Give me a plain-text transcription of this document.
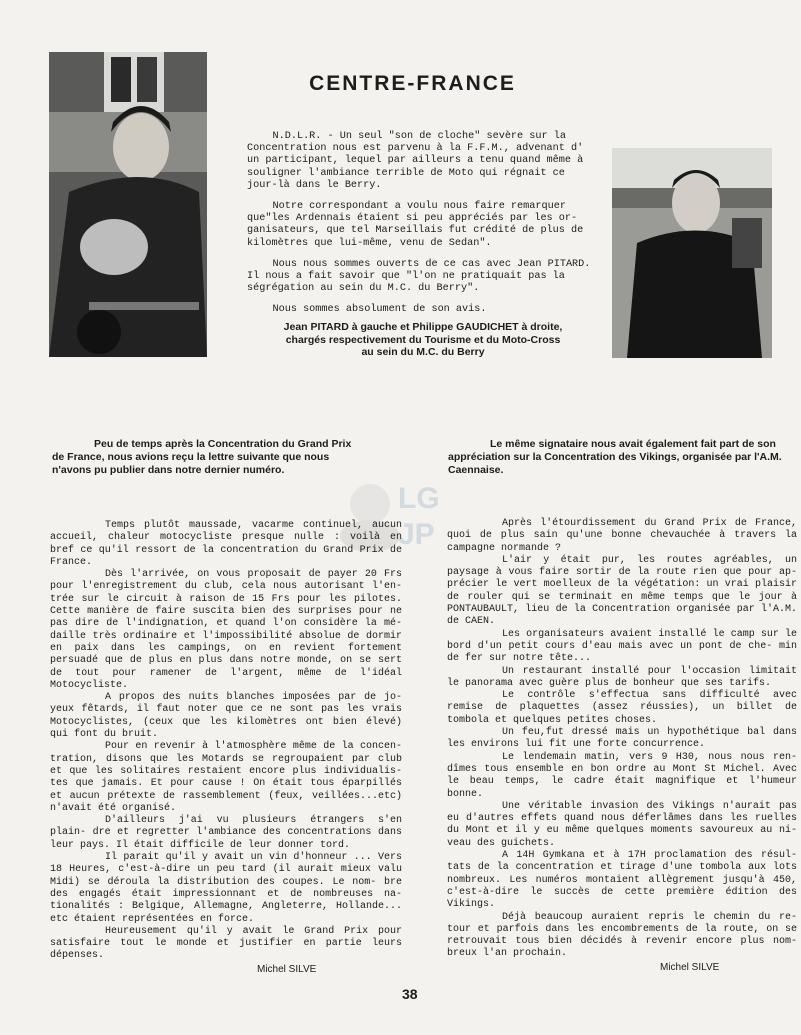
CENTRE-FRANCE

N.D.L.R. - Un seul "son de cloche" sevère sur la Concentration nous est parvenu à la F.F.M., advenant d' un participant, lequel par ailleurs a tenu quand même à souligner l'ambiance terrible de Moto qui régnait ce jour-là dans le Berry.

Notre correspondant a voulu nous faire remarquer que"les Ardennais étaient si peu appréciés par les or- ganisateurs, que tel Marseillais fut crédité de plus de kilomètres que lui-même, venu de Sedan".

Nous nous sommes ouverts de ce cas avec Jean PITARD. Il nous a fait savoir que "l'on ne pratiquait pas la ségrégation au sein du M.C. du Berry".

Nous sommes absolument de son avis.

Jean PITARD à gauche et Philippe GAUDICHET à droite,
chargés respectivement du Tourisme et du Moto-Cross
au sein du M.C. du Berry
Peu de temps après la Concentration du Grand Prix de France, nous avions reçu la lettre suivante que nous n'avons pu publier dans notre dernier numéro.
Le même signataire nous avait également fait part de son appréciation sur la Concentration des Vikings, organisée par l'A.M. Caennaise.
LG
JP

Temps plutôt maussade, vacarme continuel, aucun accueil, chaleur motocycliste presque nulle : voilà en bref ce qu'il ressort de la concentration du Grand Prix de France.

Dès l'arrivée, on vous proposait de payer 20 Frs pour l'enregistrement du club, cela nous autorisant l'en- trée sur le circuit à raison de 15 Frs pour les pilotes. Cette manière de faire suscita bien des surprises pour ne pas dire de l'indignation, et quand l'on considère la mé- daille très ordinaire et l'impossibilité absolue de dormir en paix dans les campings, on en revient fortement persuadé que de plus en plus dans notre monde, on se sert de tout pour ramener de l'argent, même de l'idéal Motocycliste.

A propos des nuits blanches imposées par de jo- yeux fêtards, il faut noter que ce ne sont pas les vrais Motocyclistes, (ceux que les kilomètres ont bien élevé) qui font du bruit.

Pour en revenir à l'atmosphère même de la concen- tration, disons que les Motards se regroupaient par club et que les solitaires restaient encore plus individualis- tes que jamais. Et pour cause ! On était tous éparpillés et aucun prétexte de rassemblement (feux, veillées...etc) n'avait été organisé.

D'ailleurs j'ai vu plusieurs étrangers s'en plain- dre et regretter l'ambiance des concentrations dans leur pays. Il était difficile de leur donner tord.

Il parait qu'il y avait un vin d'honneur ... Vers 18 Heures, c'est-à-dire un peu tard (il aurait mieux valu Midi) se déroula la distribution des coupes. Le nom- bre des engagés était impressionnant et de nombreuses na- tionalités : Belgique, Allemagne, Angleterre, Hollande... etc étaient représentées en force.

Heureusement qu'il y avait le Grand Prix pour satisfaire tout le monde et justifier en partie leurs dépenses.

Après l'étourdissement du Grand Prix de France, quoi de plus sain qu'une bonne chevauchée à travers la campagne normande ?

L'air y était pur, les routes agréables, un paysage à vous faire sortir de la route rien que pour ap- précier le vert moelleux de la végétation: un vrai plaisir de rouler qui se terminait en même temps que le jour à PONTAUBAULT, lieu de la Concentration organisée par l'A.M. de CAEN.

Les organisateurs avaient installé le camp sur le bord d'un petit cours d'eau mais avec un pont de che- min de fer sur notre tête...

Un restaurant installé pour l'occasion limitait le panorama avec guère plus de bonheur que ses tarifs.

Le contrôle s'effectua sans difficulté avec remise de plaquettes (assez réussies), un billet de tombola et quelques petites choses.

Un feu,fut dressé mais un hypothétique bal dans les environs lui fit une forte concurrence.

Le lendemain matin, vers 9 H30, nous nous ren- dîmes tous ensemble en bon ordre au Mont St Michel. Avec le beau temps, le cadre était magnifique et l'humeur bonne.

Une véritable invasion des Vikings n'aurait pas eu d'autres effets quand nous déferlâmes dans les ruelles du Mont et il y eu même quelques moments savoureux au ni- veau des guichets.

A 14H Gymkana et à 17H proclamation des résul- tats de la concentration et tirage d'une tombola aux lots nombreux. Les numéros montaient allègrement jusqu'à 450, c'est-à-dire le succès de cette première édition des Vikings.

Déjà beaucoup auraient repris le chemin du re- tour et parfois dans les encombrements de la route, on se retrouvait tous bien décidés à revenir encore plus nom- breux l'an prochain.

Michel SILVE	Michel SILVE
38
